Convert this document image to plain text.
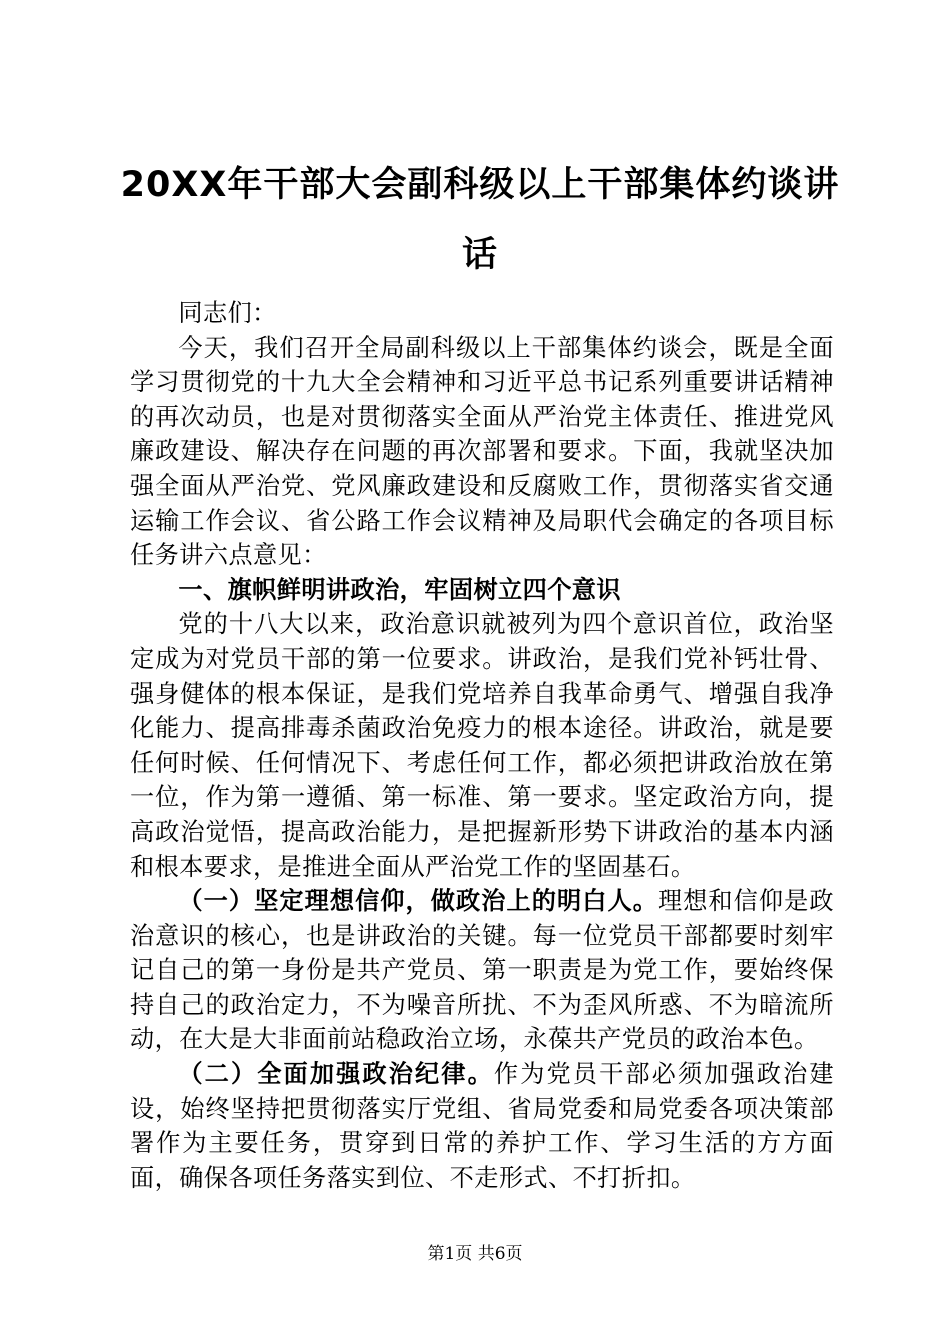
20XX年干部大会副科级以上干部集体约谈讲
话

同志们：

今天，我们召开全局副科级以上干部集体约谈会，既是全面学习贯彻党的十九大全会精神和习近平总书记系列重要讲话精神的再次动员，也是对贯彻落实全面从严治党主体责任、推进党风廉政建设、解决存在问题的再次部署和要求。下面，我就坚决加强全面从严治党、党风廉政建设和反腐败工作，贯彻落实省交通运输工作会议、省公路工作会议精神及局职代会确定的各项目标任务讲六点意见：

一、旗帜鲜明讲政治，牢固树立四个意识

党的十八大以来，政治意识就被列为四个意识首位，政治坚定成为对党员干部的第一位要求。讲政治，是我们党补钙壮骨、强身健体的根本保证，是我们党培养自我革命勇气、增强自我净化能力、提高排毒杀菌政治免疫力的根本途径。讲政治，就是要任何时候、任何情况下、考虑任何工作，都必须把讲政治放在第一位，作为第一遵循、第一标准、第一要求。坚定政治方向，提高政治觉悟，提高政治能力，是把握新形势下讲政治的基本内涵和根本要求，是推进全面从严治党工作的坚固基石。

（一）坚定理想信仰，做政治上的明白人。理想和信仰是政治意识的核心，也是讲政治的关键。每一位党员干部都要时刻牢记自己的第一身份是共产党员、第一职责是为党工作，要始终保持自己的政治定力，不为噪音所扰、不为歪风所惑、不为暗流所动，在大是大非面前站稳政治立场，永葆共产党员的政治本色。

（二）全面加强政治纪律。作为党员干部必须加强政治建设，始终坚持把贯彻落实厅党组、省局党委和局党委各项决策部署作为主要任务，贯穿到日常的养护工作、学习生活的方方面面，确保各项任务落实到位、不走形式、不打折扣。

第1页 共6页
